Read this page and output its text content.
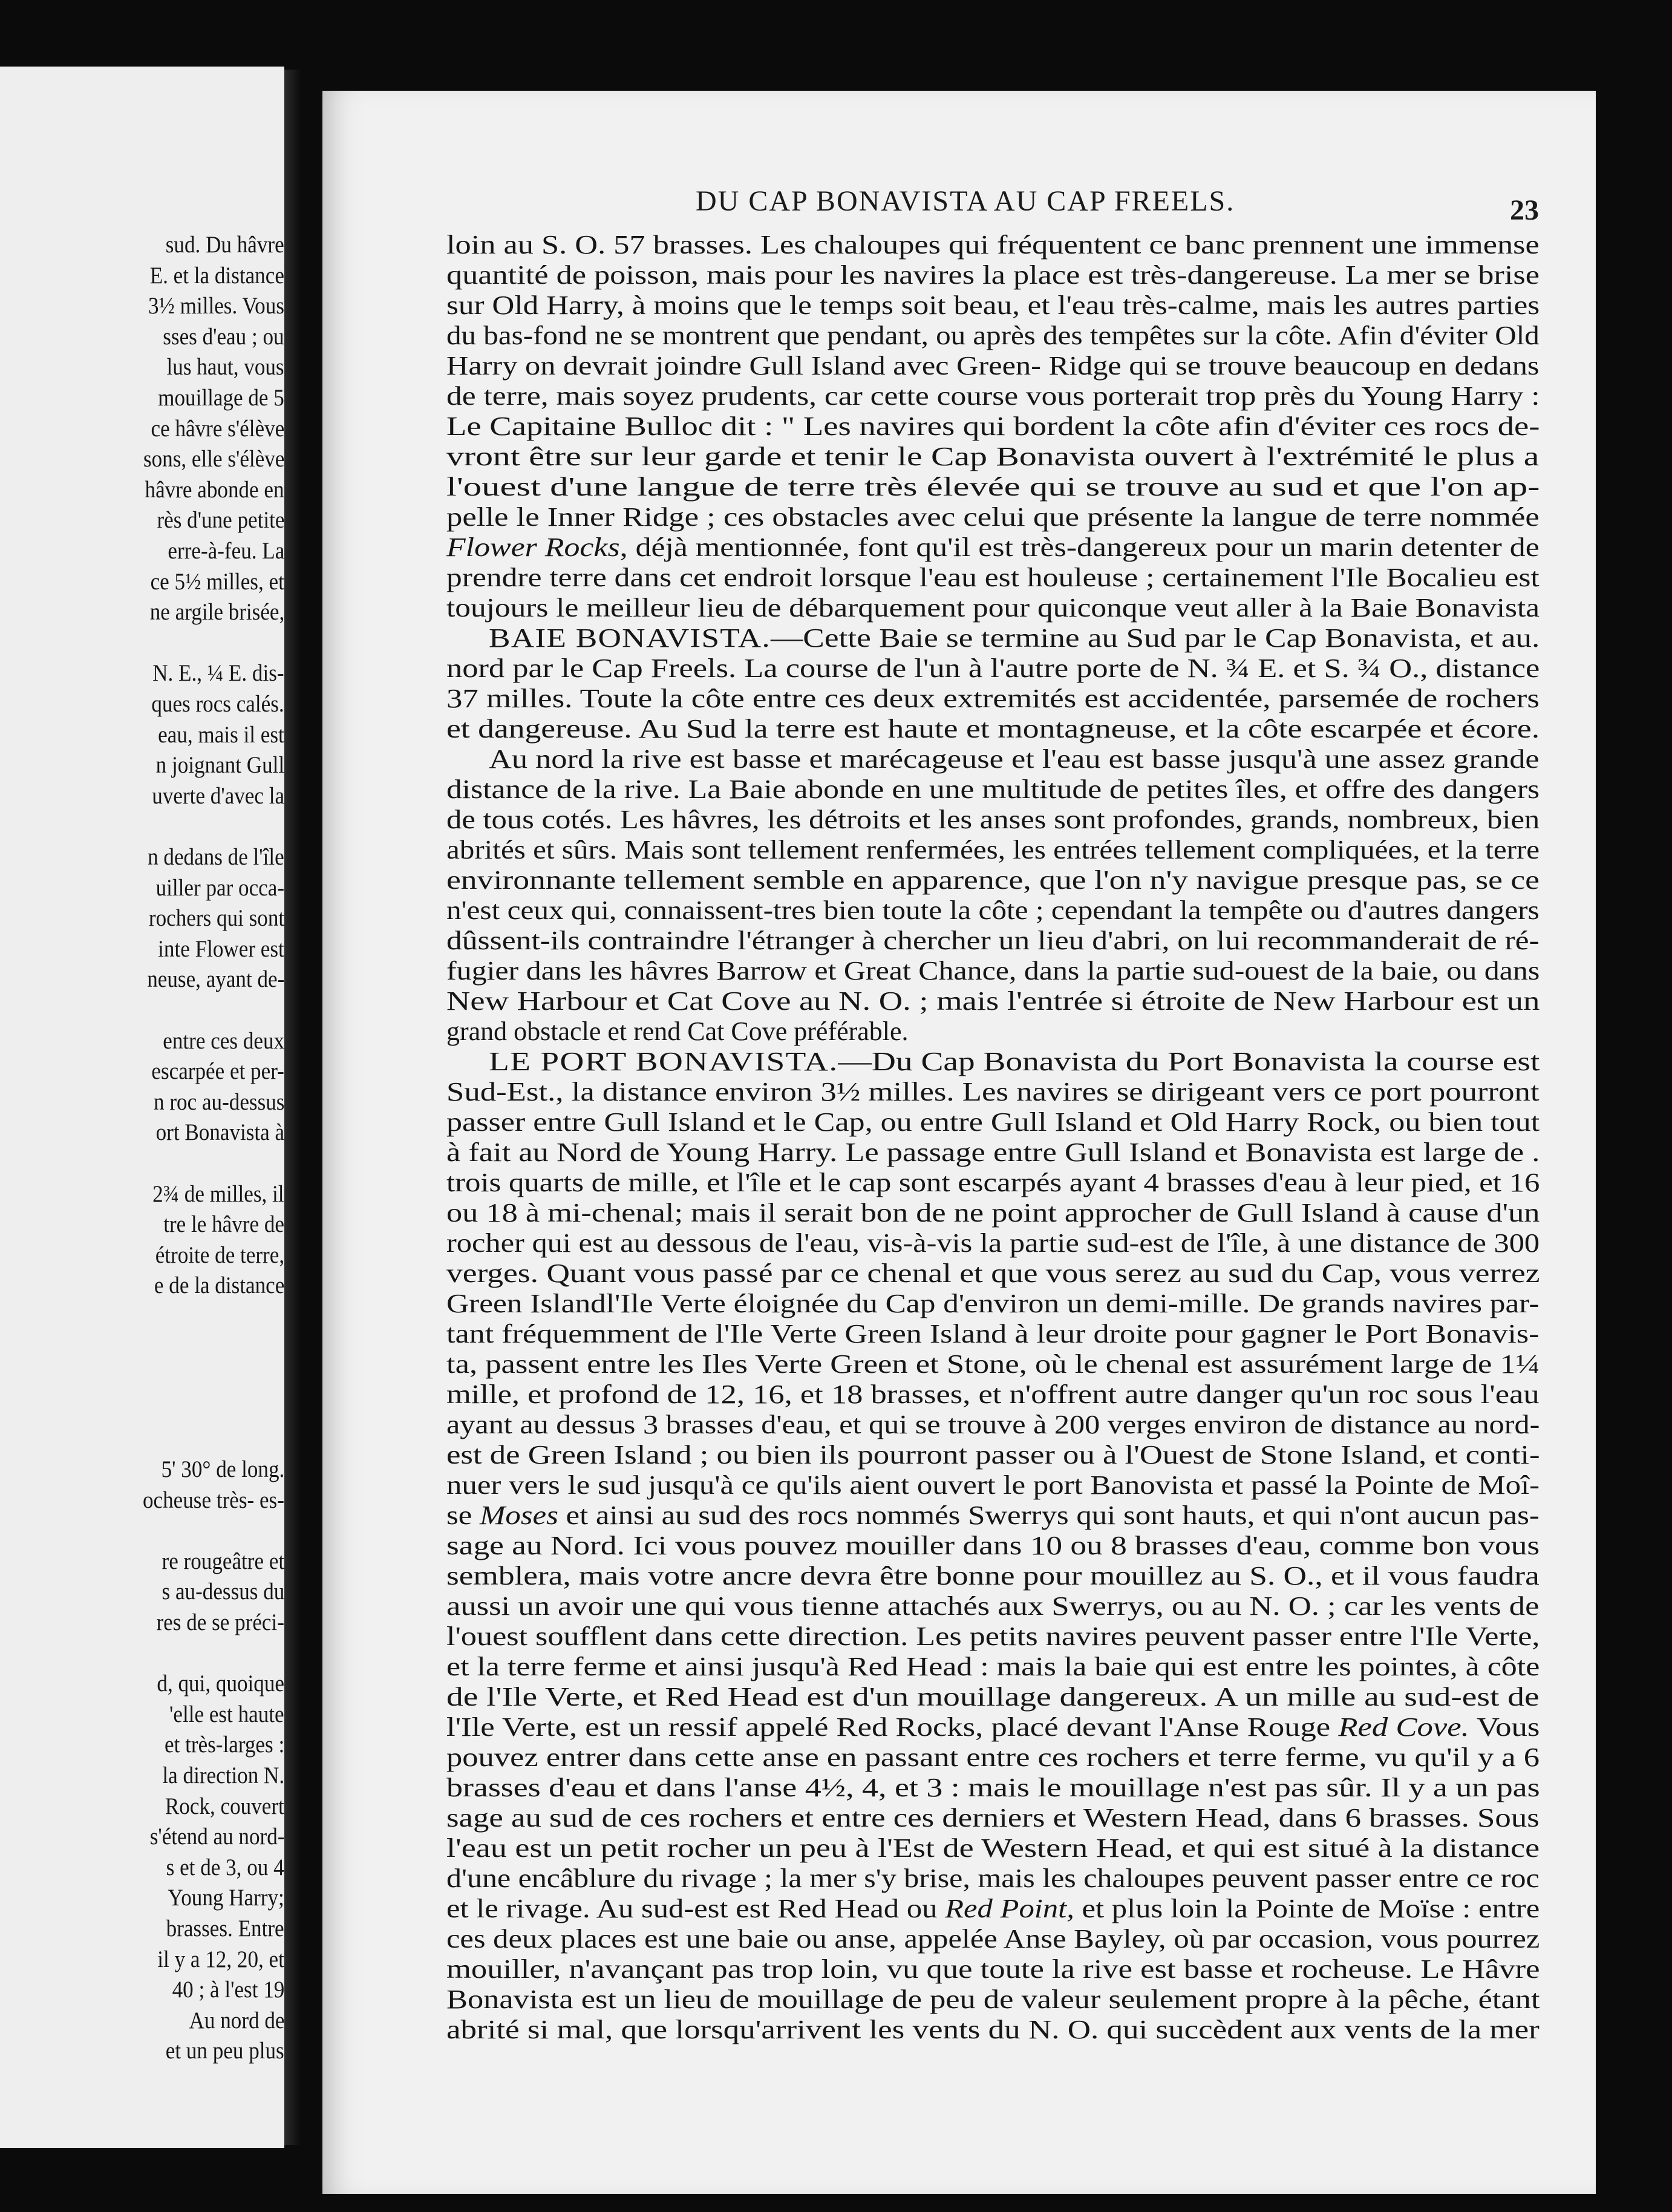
sud. Du hâvre
E. et la distance
3½ milles. Vous
sses d'eau ; ou
lus haut, vous
mouillage de 5
ce hâvre s'élève
sons, elle s'élève
hâvre abonde en
rès d'une petite
erre-à-feu. La
ce 5½ milles, et
ne argile brisée,
N. E., ¼ E. dis-
ques rocs calés.
eau, mais il est
n joignant Gull
uverte d'avec la
n dedans de l'île
uiller par occa-
rochers qui sont
inte Flower est
neuse, ayant de-
entre ces deux
escarpée et per-
n roc au-dessus
ort Bonavista à
2¾ de milles, il
tre le hâvre de
étroite de terre,
e de la distance
5' 30° de long.
ocheuse très- es-
re rougeâtre et
s au-dessus du
res de se préci-
d, qui, quoique
'elle est haute
et très-larges :
la direction N.
Rock, couvert
s'étend au nord-
s et de 3, ou 4
Young Harry;
brasses. Entre
il y a 12, 20, et
40 ; à l'est 19
Au nord de
et un peu plus
DU CAP BONAVISTA AU CAP FREELS.	23
loin au S. O. 57 brasses. Les chaloupes qui fréquentent ce banc prennent une immense
quantité de poisson, mais pour les navires la place est très-dangereuse. La mer se brise
sur Old Harry, à moins que le temps soit beau, et l'eau très-calme, mais les autres parties
du bas-fond ne se montrent que pendant, ou après des tempêtes sur la côte. Afin d'éviter Old
Harry on devrait joindre Gull Island avec Green- Ridge qui se trouve beaucoup en dedans
de terre, mais soyez prudents, car cette course vous porterait trop près du Young Harry :
Le Capitaine Bulloc dit : " Les navires qui bordent la côte afin d'éviter ces rocs de-
vront être sur leur garde et tenir le Cap Bonavista ouvert à l'extrémité le plus a
l'ouest d'une langue de terre très élevée qui se trouve au sud et que l'on ap-
pelle le Inner Ridge ; ces obstacles avec celui que présente la langue de terre nommée
Flower Rocks, déjà mentionnée, font qu'il est très-dangereux pour un marin detenter de
prendre terre dans cet endroit lorsque l'eau est houleuse ; certainement l'Ile Bocalieu est
toujours le meilleur lieu de débarquement pour quiconque veut aller à la Baie Bonavista
BAIE BONAVISTA.—Cette Baie se termine au Sud par le Cap Bonavista, et au.
nord par le Cap Freels. La course de l'un à l'autre porte de N. ¾ E. et S. ¾ O., distance
37 milles. Toute la côte entre ces deux extremités est accidentée, parsemée de rochers
et dangereuse. Au Sud la terre est haute et montagneuse, et la côte escarpée et écore.
Au nord la rive est basse et marécageuse et l'eau est basse jusqu'à une assez grande
distance de la rive. La Baie abonde en une multitude de petites îles, et offre des dangers
de tous cotés. Les hâvres, les détroits et les anses sont profondes, grands, nombreux, bien
abrités et sûrs. Mais sont tellement renfermées, les entrées tellement compliquées, et la terre
environnante tellement semble en apparence, que l'on n'y navigue presque pas, se ce
n'est ceux qui, connaissent-tres bien toute la côte ; cependant la tempête ou d'autres dangers
dûssent-ils contraindre l'étranger à chercher un lieu d'abri, on lui recommanderait de ré-
fugier dans les hâvres Barrow et Great Chance, dans la partie sud-ouest de la baie, ou dans
New Harbour et Cat Cove au N. O. ; mais l'entrée si étroite de New Harbour est un
grand obstacle et rend Cat Cove préférable.
LE PORT BONAVISTA.—Du Cap Bonavista du Port Bonavista la course est
Sud-Est., la distance environ 3½ milles. Les navires se dirigeant vers ce port pourront
passer entre Gull Island et le Cap, ou entre Gull Island et Old Harry Rock, ou bien tout
à fait au Nord de Young Harry. Le passage entre Gull Island et Bonavista est large de .
trois quarts de mille, et l'île et le cap sont escarpés ayant 4 brasses d'eau à leur pied, et 16
ou 18 à mi-chenal; mais il serait bon de ne point approcher de Gull Island à cause d'un
rocher qui est au dessous de l'eau, vis-à-vis la partie sud-est de l'île, à une distance de 300
verges. Quant vous passé par ce chenal et que vous serez au sud du Cap, vous verrez
Green Islandl'Ile Verte éloignée du Cap d'environ un demi-mille. De grands navires par-
tant fréquemment de l'Ile Verte Green Island à leur droite pour gagner le Port Bonavis-
ta, passent entre les Iles Verte Green et Stone, où le chenal est assurément large de 1¼
mille, et profond de 12, 16, et 18 brasses, et n'offrent autre danger qu'un roc sous l'eau
ayant au dessus 3 brasses d'eau, et qui se trouve à 200 verges environ de distance au nord-
est de Green Island ; ou bien ils pourront passer ou à l'Ouest de Stone Island, et conti-
nuer vers le sud jusqu'à ce qu'ils aient ouvert le port Banovista et passé la Pointe de Moî-
se Moses et ainsi au sud des rocs nommés Swerrys qui sont hauts, et qui n'ont aucun pas-
sage au Nord. Ici vous pouvez mouiller dans 10 ou 8 brasses d'eau, comme bon vous
semblera, mais votre ancre devra être bonne pour mouillez au S. O., et il vous faudra
aussi un avoir une qui vous tienne attachés aux Swerrys, ou au N. O. ; car les vents de
l'ouest soufflent dans cette direction. Les petits navires peuvent passer entre l'Ile Verte,
et la terre ferme et ainsi jusqu'à Red Head : mais la baie qui est entre les pointes, à côte
de l'Ile Verte, et Red Head est d'un mouillage dangereux. A un mille au sud-est de
l'Ile Verte, est un ressif appelé Red Rocks, placé devant l'Anse Rouge Red Cove. Vous
pouvez entrer dans cette anse en passant entre ces rochers et terre ferme, vu qu'il y a 6
brasses d'eau et dans l'anse 4½, 4, et 3 : mais le mouillage n'est pas sûr. Il y a un pas
sage au sud de ces rochers et entre ces derniers et Western Head, dans 6 brasses. Sous
l'eau est un petit rocher un peu à l'Est de Western Head, et qui est situé à la distance
d'une encâblure du rivage ; la mer s'y brise, mais les chaloupes peuvent passer entre ce roc
et le rivage. Au sud-est est Red Head ou Red Point, et plus loin la Pointe de Moïse : entre
ces deux places est une baie ou anse, appelée Anse Bayley, où par occasion, vous pourrez
mouiller, n'avançant pas trop loin, vu que toute la rive est basse et rocheuse. Le Hâvre
Bonavista est un lieu de mouillage de peu de valeur seulement propre à la pêche, étant
abrité si mal, que lorsqu'arrivent les vents du N. O. qui succèdent aux vents de la mer
